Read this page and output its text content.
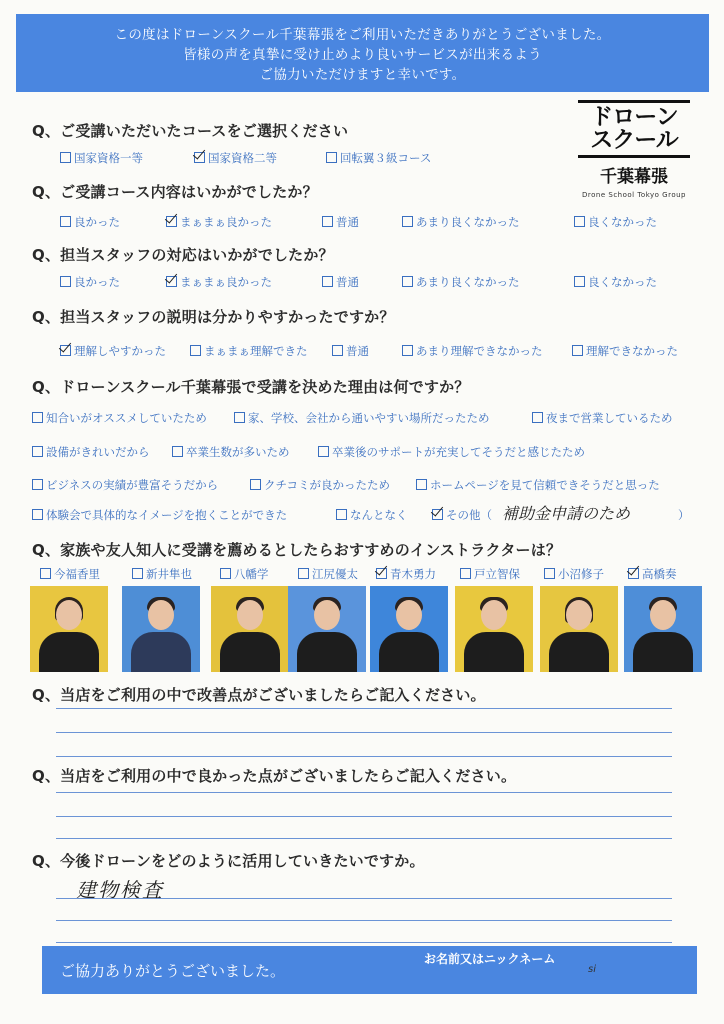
この度はドローンスクール千葉幕張をご利用いただきありがとうございました。
皆様の声を真摯に受け止めより良いサービスが出来るよう
ご協力いただけますと幸いです。
ドローン
スクール
千葉幕張
Drone School Tokyo Group
Q、ご受講いただいたコースをご選択ください
国家資格一等	国家資格二等	回転翼３級コース
Q、ご受講コース内容はいかがでしたか？
良かった	まぁまぁ良かった	普通	あまり良くなかった	良くなかった
Q、担当スタッフの対応はいかがでしたか？
良かった	まぁまぁ良かった	普通	あまり良くなかった	良くなかった
Q、担当スタッフの説明は分かりやすかったですか？
理解しやすかった	まぁまぁ理解できた	普通	あまり理解できなかった	理解できなかった
Q、ドローンスクール千葉幕張で受講を決めた理由は何ですか？
知合いがオススメしていたため	家、学校、会社から通いやすい場所だったため	夜まで営業しているため
設備がきれいだから	卒業生数が多いため	卒業後のサポートが充実してそうだと感じたため
ビジネスの実績が豊富そうだから	クチコミが良かったため	ホームページを見て信頼できそうだと思った
体験会で具体的なイメージを抱くことができた	なんとなく	その他（ 補助金申請のため	）
Q、家族や友人知人に受講を薦めるとしたらおすすめのインストラクターは？
今福香里	新井隼也	八幡学	江尻優太	青木勇力	戸立智保	小沼修子	高橋奏
Q、当店をご利用の中で改善点がございましたらご記入ください。
Q、当店をご利用の中で良かった点がございましたらご記入ください。
Q、今後ドローンをどのように活用していきたいですか。
建物検査
ご協力ありがとうございました。
お名前又はニックネーム
si
